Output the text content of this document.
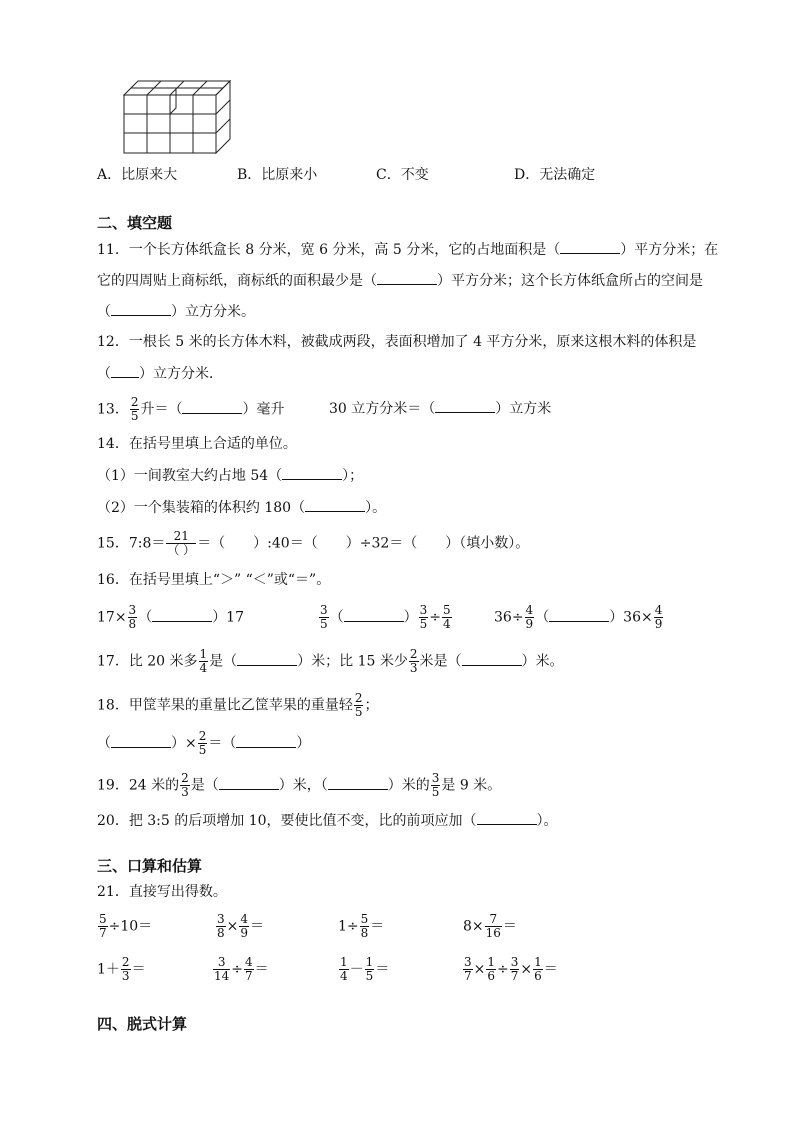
A．比原来大	B．比原来小	C．不变	D．无法确定
二、填空题
11．一个长方体纸盒长 8 分米，宽 6 分米，高 5 分米，它的占地面积是（	）平方分米；在
它的四周贴上商标纸，商标纸的面积最少是（	）平方分米；这个长方体纸盒所占的空间是
（	）立方分米。
12．一根长 5 米的长方体木料，被截成两段，表面积增加了 4 平方分米，原来这根木料的体积是
（ ）立方分米．
13． $\frac{2}{5}$ 升＝（	）毫升	30 立方分米＝（	）立方米
14．在括号里填上合适的单位。
（1）一间教室大约占地 54（	）；
（2）一个集装箱的体积约 180（	）。
15．7:8＝ $\frac{21}{( )}$ ＝（　　）:40＝（　　）÷32＝（　　）（填小数）。
16．在括号里填上“＞” “＜”或“＝”。
$17\times \frac{3}{8}$ （	）17	$\frac{3}{5}$ （	） $\frac{3}{5} \div \frac{5}{4}$	$36\div \frac{4}{9}$ （	）$36\times \frac{4}{9}$
17．比 20 米多 $\frac{1}{4}$ 是（	）米；比 15 米少 $\frac{2}{3}$ 米是（	）米。
18．甲筐苹果的重量比乙筐苹果的重量轻 $\frac{2}{5}$ ；
（	）× $\frac{2}{5}$ ＝（	）
19．24 米的 $\frac{2}{3}$ 是（	）米，（	）米的 $\frac{3}{5}$ 是 9 米。
20．把 3:5 的后项增加 10，要使比值不变，比的前项应加（	）。
三、口算和估算
21．直接写出得数。
$\frac{5}{7} \div 10=$	$\frac{3}{8} \times \frac{4}{9}$ ＝	$1\div \frac{5}{8}$ ＝	$8\times \frac{7}{16}$ ＝
$1+ \frac{2}{3}$ ＝	$\frac{3}{14} \div \frac{4}{7}$ ＝	$\frac{1}{4} - \frac{1}{5}$ ＝	$\frac{3}{7} \times \frac{1}{6} \div \frac{3}{7} \times \frac{1}{6}$ ＝
四、脱式计算
